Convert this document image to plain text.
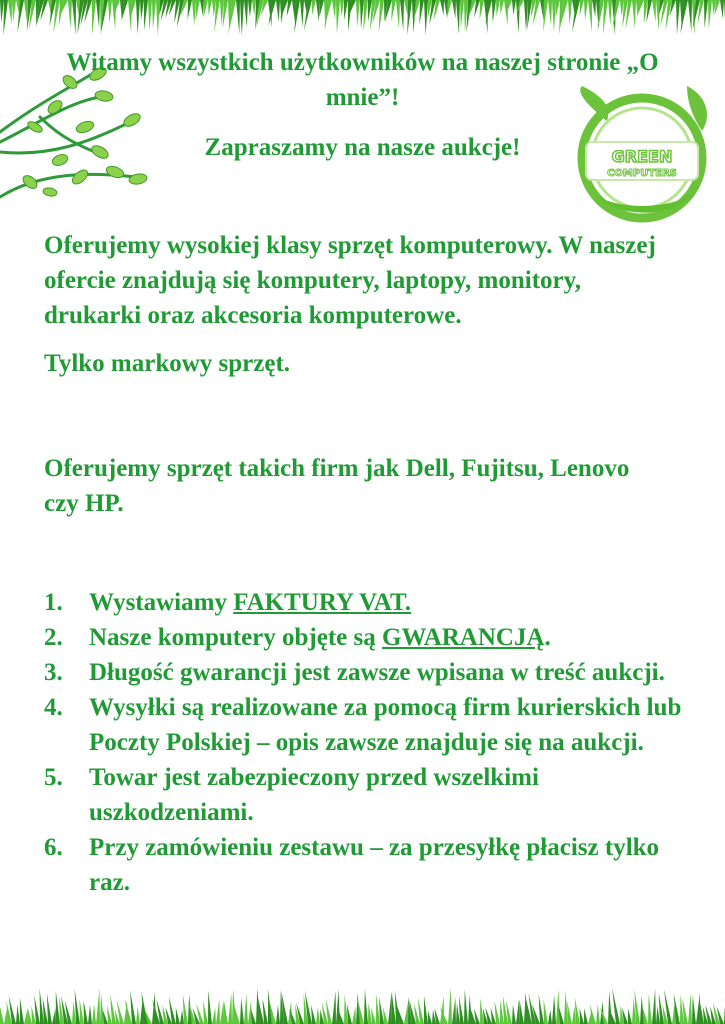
GREEN
COMPUTERS
Witamy wszystkich użytkowników na naszej stronie „O mnie”!
Zapraszamy na nasze aukcje!

Oferujemy wysokiej klasy sprzęt komputerowy. W naszej ofercie znajdują się komputery, laptopy, monitory, drukarki oraz akcesoria komputerowe.

Tylko markowy sprzęt.

Oferujemy sprzęt takich firm jak Dell, Fujitsu, Lenovo czy HP.

1.	Wystawiamy FAKTURY VAT.
2.	Nasze komputery objęte są GWARANCJĄ.
3.	Długość gwarancji jest zawsze wpisana w treść aukcji.
4.	Wysyłki są realizowane za pomocą firm kurierskich lub Poczty Polskiej – opis zawsze znajduje się na aukcji.
5.	Towar jest zabezpieczony przed wszelkimi uszkodzeniami.
6.	Przy zamówieniu zestawu – za przesyłkę płacisz tylko raz.
